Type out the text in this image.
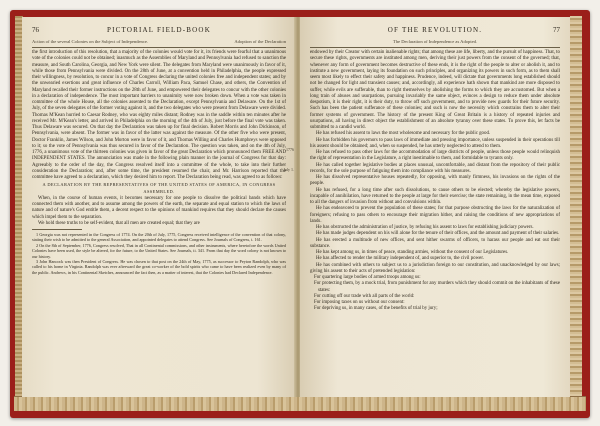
76	PICTORIAL FIELD-BOOK
Action of the several Colonies on the Subject of Independence.	Adoption of the Declaration
1776
July 1.

the first introduction of this resolution, that a majority of the colonies would vote for it, its friends were fearful that a unanimous vote of the colonies could not be obtained; inasmuch as the Assemblies of Maryland and Pennsylvania had refused to sanction the measure, and South Carolina, Georgia, and New York were silent. The delegates from Maryland were unanimously in favor of it, while those from Pennsylvania were divided. On the 28th of June, at a convention held in Philadelphia, the people expressed their willingness, by resolution, to concur in a vote of Congress declaring the united colonies free and independent states; and by the unwearied exertions and great influence of Charles Carroll, William Paca, Samuel Chase, and others, the Convention of Maryland recalled their former instructions on the 28th of June, and empowered their delegates to concur with the other colonies in a declaration of independence. The most important barriers to unanimity were now broken down. When a vote was taken in committee of the whole House, all the colonies assented to the Declaration, except Pennsylvania and Delaware. On the 1st of July, of the seven delegates of the former voting against it, and the two delegates who were present from Delaware were divided. Thomas M'Kean hurried to Caesar Rodney, who was eighty miles distant; Rodney was in the saddle within ten minutes after he received Mr. M'Kean's letter, and arrived in Philadelphia on the morning of the 4th of July, just before the final vote was taken. Thus Delaware was secured. On that day the Declaration was taken up for final decision. Robert Morris and John Dickinson, of Pennsylvania, were absent. The former was in favor of the latter was against the measure. Of the other five who were present, Doctor Franklin, James Wilson, and John Morton were in favor of it, and Thomas Willing and Charles Humphreys were opposed to it; so the vote of Pennsylvania was thus secured in favor of the Declaration. The question was taken, and on the 4th of July, 1776, a unanimous vote of the thirteen colonies was given in favor of the great Declaration which pronounced them FREE AND INDEPENDENT STATES. The annunciation was made in the following plain manner in the journal of Congress for that day: Agreeably to the order of the day, the Congress resolved itself into a committee of the whole, to take into their further consideration the Declaration; and, after some time, the president resumed the chair, and Mr. Harrison reported that the committee have agreed to a declaration, which they desired him to report. The Declaration being read, was agreed to as follows:

A DECLARATION BY THE REPRESENTATIVES OF THE UNITED STATES OF AMERICA, IN CONGRESS ASSEMBLED.

When, in the course of human events, it becomes necessary for one people to dissolve the political bands which have connected them with another, and to assume among the powers of the earth, the separate and equal station to which the laws of nature and of nature's God entitle them, a decent respect to the opinions of mankind requires that they should declare the causes which impel them to the separation.

We hold these truths to be self-evident, that all men are created equal; that they are

1 Georgia was not represented in the Congress of 1774. On the 20th of July, 1775, Congress received intelligence of the convention of that colony, stating their wish to be admitted to the general Association, and appointed delegates to attend Congress. See Journals of Congress, i. 161.

2 On the 8th of September, 1776, Congress resolved, That in all Continental commissions, and other instruments, where heretofore the words United Colonies have been used, the style be altered, for the future, to the United States. See Journals, ii. 341. From that day the word colony is not known to our history.

3 John Hancock was then President of Congress. He was chosen to that post on the 24th of May, 1775, as successor to Peyton Randolph, who was called to his home in Virginia. Randolph was ever afterward the great co-worker of the bold spirits who came to have been realized even by many of the public. Andrews, in his Continental Sketches, announced the fact then, as a matter of interest, that the Colonies had Declared Independence.

OF THE REVOLUTION.	77
The Declaration of Independence as Adopted.

endowed by their Creator with certain inalienable rights; that among these are life, liberty, and the pursuit of happiness. That, to secure these rights, governments are instituted among men, deriving their just powers from the consent of the governed; that, whenever any form of government becomes destructive of these ends, it is the right of the people to alter or abolish it, and to institute a new government, laying its foundation on such principles, and organizing its powers in such form, as to them shall seem most likely to effect their safety and happiness. Prudence, indeed, will dictate that governments long established should not be changed for light and transient causes; and, accordingly, all experience hath shown that mankind are more disposed to suffer, while evils are sufferable, than to right themselves by abolishing the forms to which they are accustomed. But when a long train of abuses and usurpations, pursuing invariably the same object, evinces a design to reduce them under absolute despotism, it is their right, it is their duty, to throw off such government, and to provide new guards for their future security. Such has been the patient sufferance of these colonies; and such is now the necessity which constrains them to alter their former systems of government. The history of the present King of Great Britain is a history of repeated injuries and usurpations, all having in direct object the establishment of an absolute tyranny over these states. To prove this, let facts be submitted to a candid world.

He has refused his assent to laws the most wholesome and necessary for the public good.

He has forbidden his governors to pass laws of immediate and pressing importance, unless suspended in their operations till his assent should be obtained; and, when so suspended, he has utterly neglected to attend to them.

He has refused to pass other laws for the accommodation of large districts of people, unless those people would relinquish the right of representation in the Legislature, a right inestimable to them, and formidable to tyrants only.

He has called together legislative bodies at places unusual, uncomfortable, and distant from the repository of their public records, for the sole purpose of fatiguing them into compliance with his measures.

He has dissolved representative houses repeatedly, for opposing, with manly firmness, his invasions on the rights of the people.

He has refused, for a long time after such dissolutions, to cause others to be elected; whereby the legislative powers, incapable of annihilation, have returned to the people at large for their exercise; the state remaining, in the mean time, exposed to all the dangers of invasion from without and convulsions within.

He has endeavored to prevent the population of these states; for that purpose obstructing the laws for the naturalization of foreigners; refusing to pass others to encourage their migration hither, and raising the conditions of new appropriations of lands.

He has obstructed the administration of justice, by refusing his assent to laws for establishing judiciary powers.

He has made judges dependent on his will alone for the tenure of their offices, and the amount and payment of their salaries.

He has erected a multitude of new offices, and sent hither swarms of officers, to harass our people and eat out their substance.

He has kept among us, in times of peace, standing armies, without the consent of our Legislatures.

He has affected to render the military independent of, and superior to, the civil power.

He has combined with others to subject us to a jurisdiction foreign to our constitution, and unacknowledged by our laws; giving his assent to their acts of pretended legislation:

For quartering large bodies of armed troops among us:

For protecting them, by a mock trial, from punishment for any murders which they should commit on the inhabitants of these states:

For cutting off our trade with all parts of the world:

For imposing taxes on us without our consent:

For depriving us, in many cases, of the benefits of trial by jury;
